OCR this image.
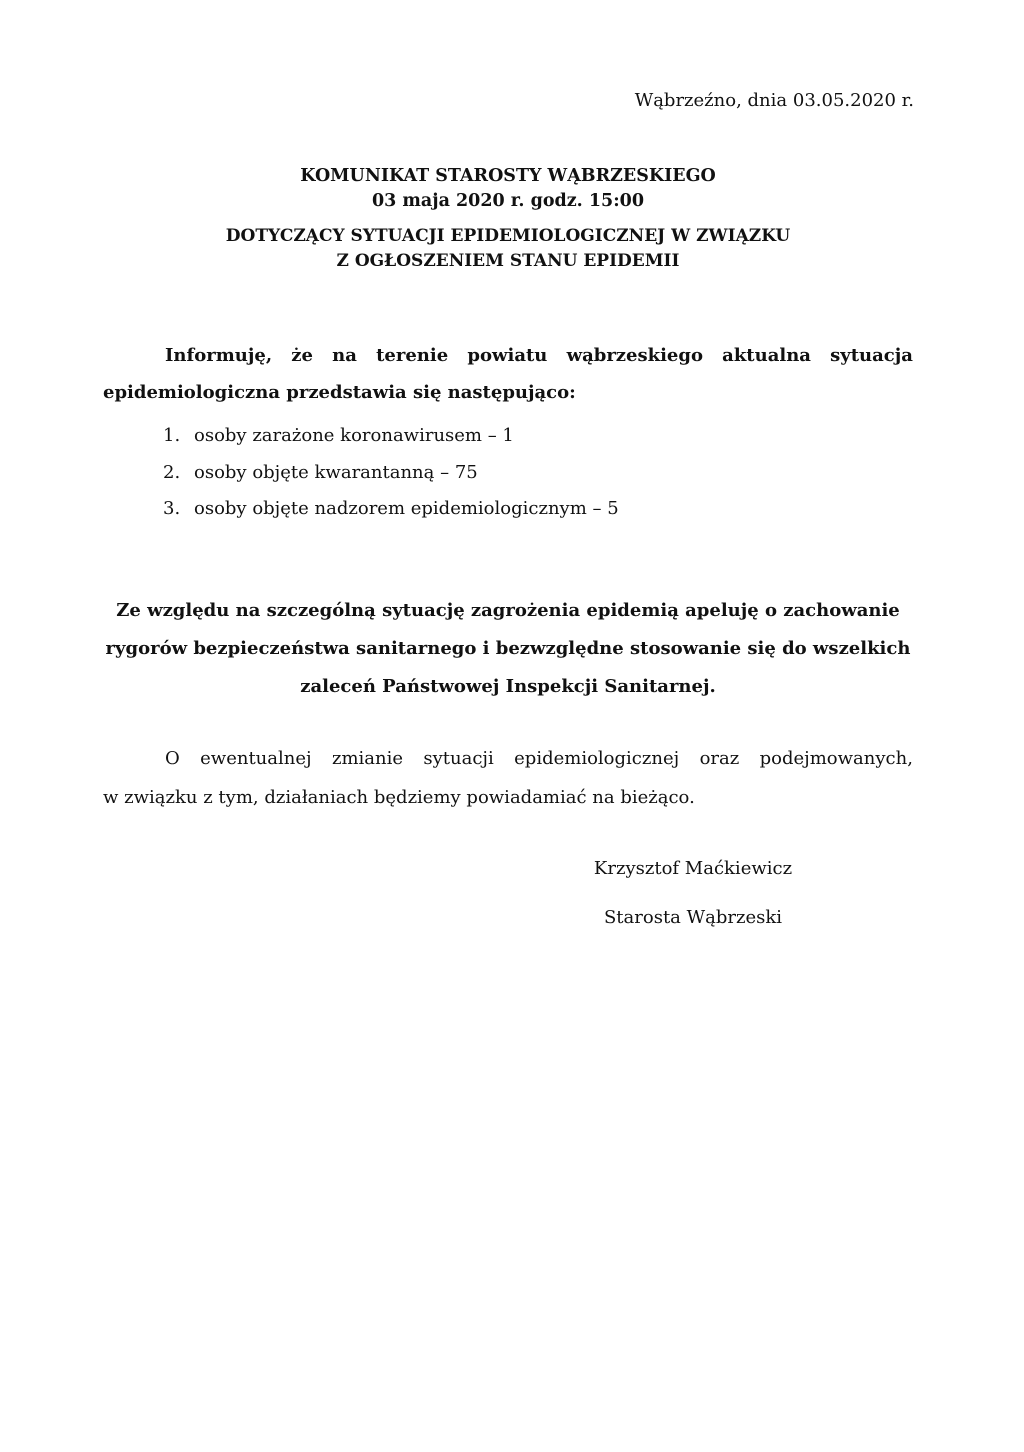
Wąbrzeźno, dnia 03.05.2020 r.
KOMUNIKAT STAROSTY WĄBRZESKIEGO
03 maja 2020 r. godz. 15:00
DOTYCZĄCY SYTUACJI EPIDEMIOLOGICZNEJ W ZWIĄZKU
Z OGŁOSZENIEM STANU EPIDEMII
Informuję, że na terenie powiatu wąbrzeskiego aktualna sytuacja
epidemiologiczna przedstawia się następująco:
1. osoby zarażone koronawirusem – 1
2. osoby objęte kwarantanną – 75
3. osoby objęte nadzorem epidemiologicznym – 5
Ze względu na szczególną sytuację zagrożenia epidemią apeluję o zachowanie
rygorów bezpieczeństwa sanitarnego i bezwzględne stosowanie się do wszelkich
zaleceń Państwowej Inspekcji Sanitarnej.
O ewentualnej zmianie sytuacji epidemiologicznej oraz podejmowanych,
w związku z tym, działaniach będziemy powiadamiać na bieżąco.
Krzysztof Maćkiewicz
Starosta Wąbrzeski
